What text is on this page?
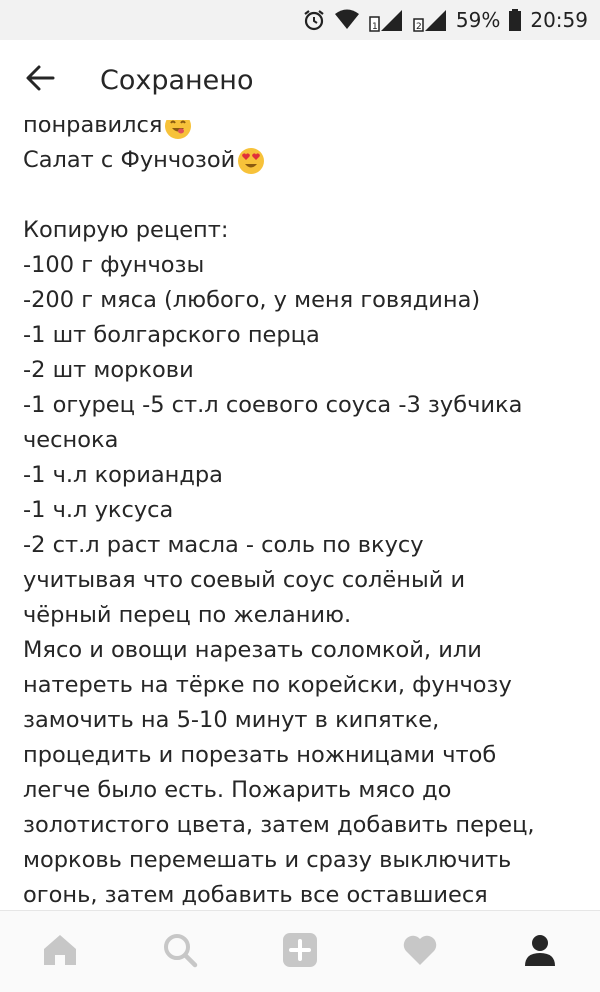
1	2 59% 20:59
Сохранено
понравился
Салат с Фунчозой
Копирую рецепт:
-100 г фунчозы
-200 г мяса (любого, у меня говядина)
-1 шт болгарского перца
-2 шт моркови
-1 огурец -5 ст.л соевого соуса -3 зубчика
чеснока
-1 ч.л кориандра
-1 ч.л уксуса
-2 ст.л раст масла - соль по вкусу
учитывая что соевый соус солёный и
чёрный перец по желанию.
Мясо и овощи нарезать соломкой, или
натереть на тёрке по корейски, фунчозу
замочить на 5-10 минут в кипятке,
процедить и порезать ножницами чтоб
легче было есть. Пожарить мясо до
золотистого цвета, затем добавить перец,
морковь перемешать и сразу выключить
огонь, затем добавить все оставшиеся
